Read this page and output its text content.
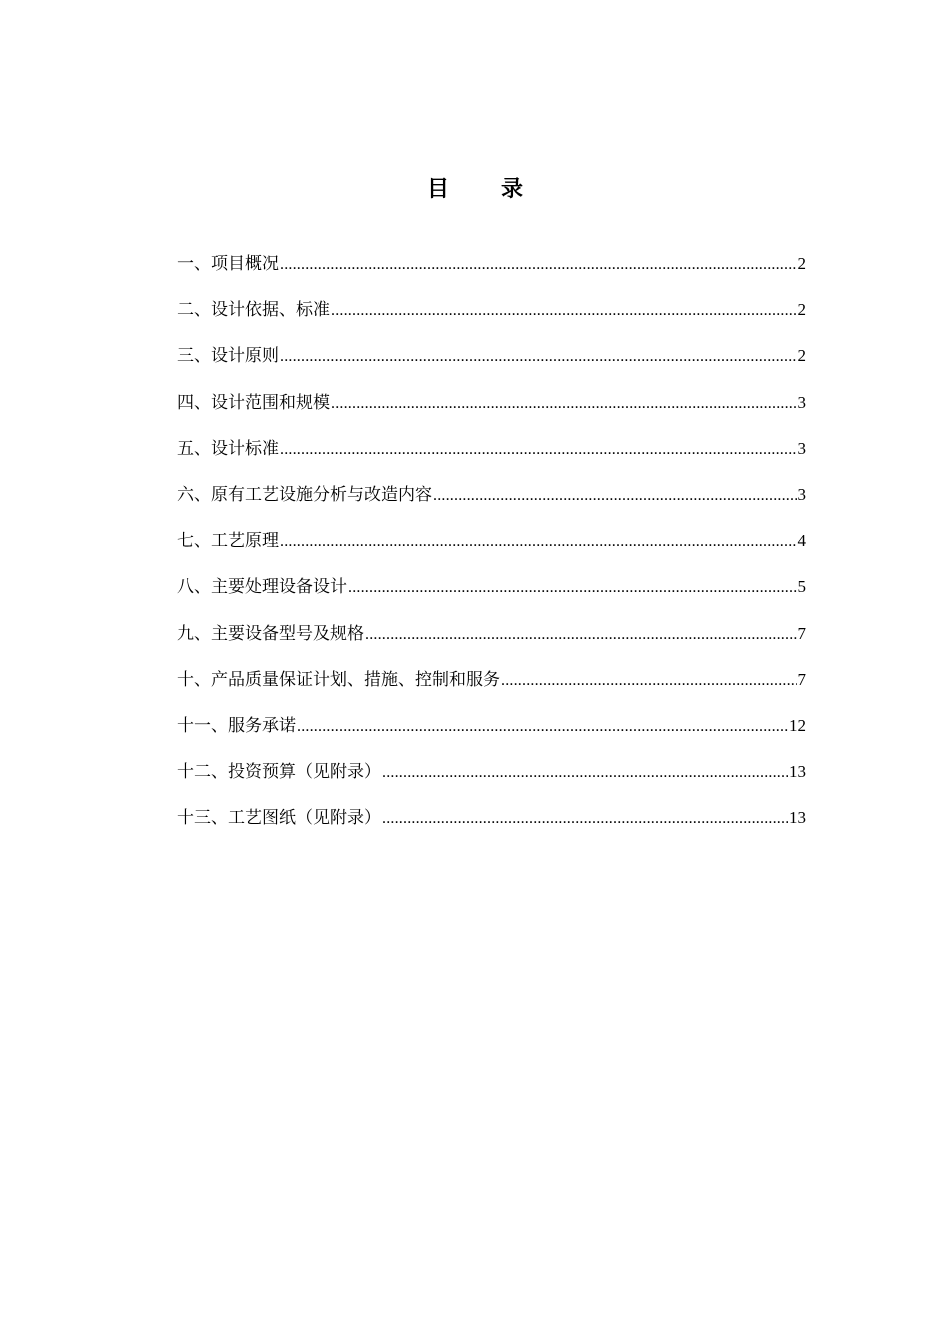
目 录
一、项目概况 .....	2
二、设计依据、标准 .....	2
三、设计原则 .....	2
四、设计范围和规模 .....	3
五、设计标准 .....	3
六、原有工艺设施分析与改造内容 .....	3
七、工艺原理 .....	4
八、主要处理设备设计 .....	5
九、主要设备型号及规格 .....	7
十、产品质量保证计划、措施、控制和服务 .....	7
十一、服务承诺 .....	12
十二、投资预算（见附录） .....	13
十三、工艺图纸（见附录） .....	13
